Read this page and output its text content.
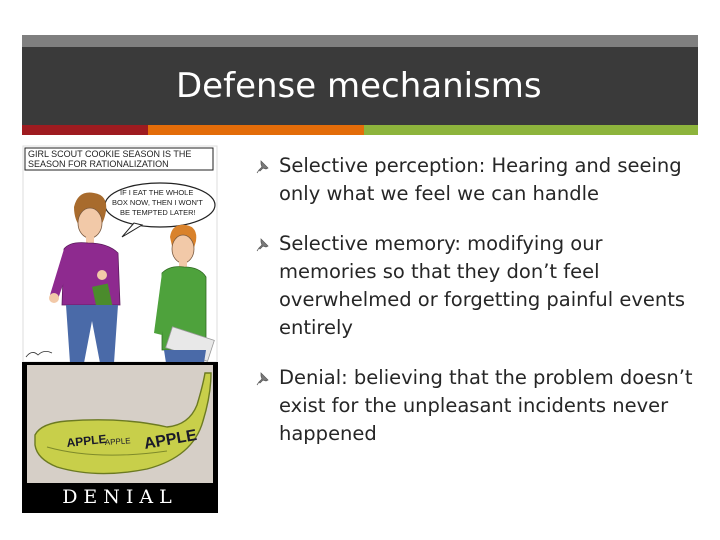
Defense mechanisms
GIRL SCOUT COOKIE SEASON IS THE
SEASON FOR RATIONALIZATION
IF I EAT THE WHOLE
BOX NOW, THEN I WON'T
BE TEMPTED LATER!
APPLE APPLE
APPLE
DENIAL
Selective perception: Hearing and seeing only what we feel we can handle
Selective memory: modifying our memories so that they don’t feel overwhelmed or forgetting painful events entirely
Denial: believing that the problem doesn’t exist for the unpleasant incidents never happened
